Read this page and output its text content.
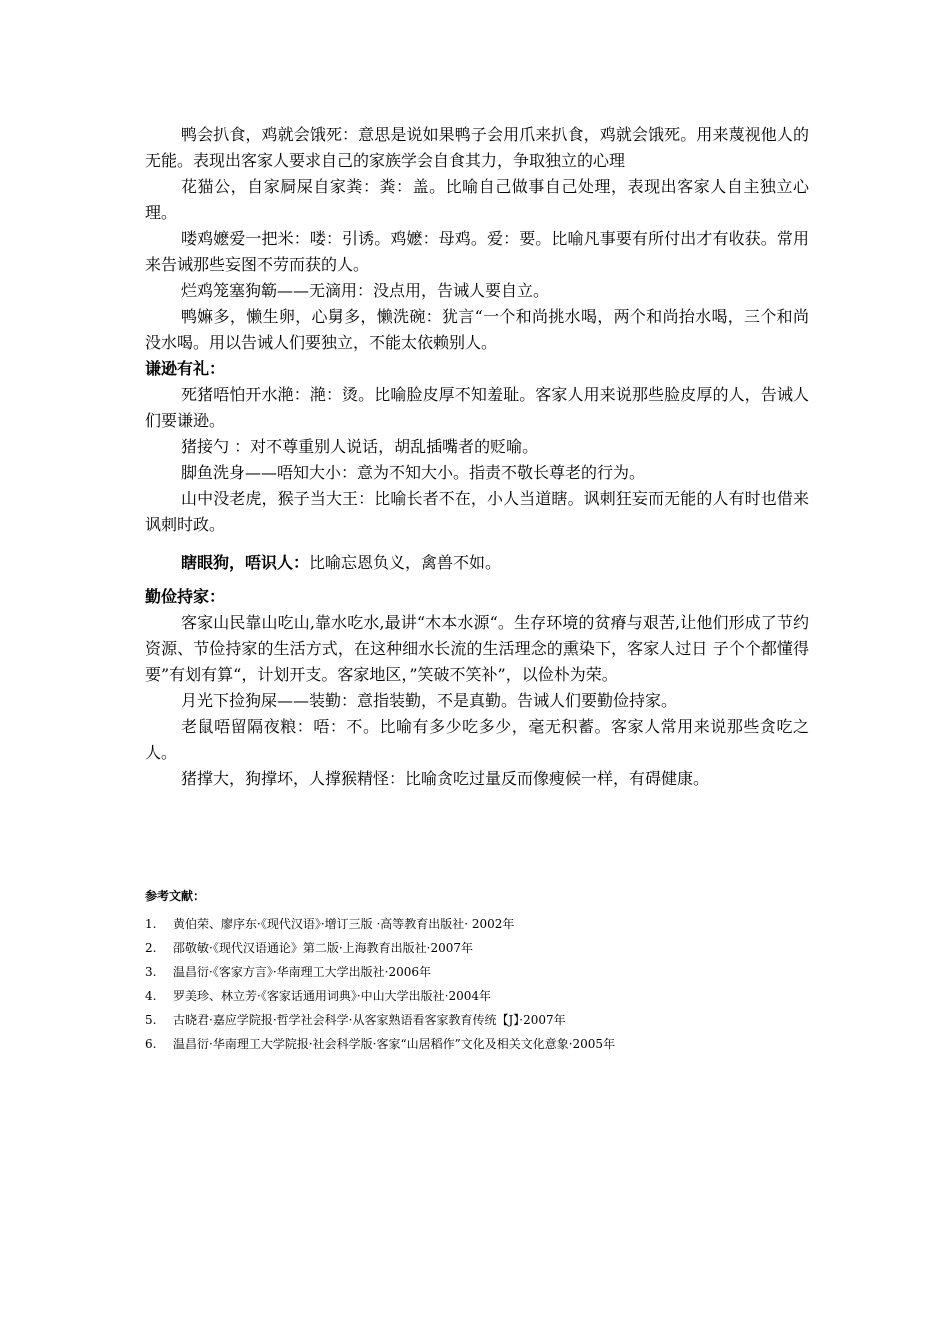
鸭会扒食，鸡就会饿死：意思是说如果鸭子会用爪来扒食，鸡就会饿死。用来蔑视他人的无能。表现出客家人要求自己的家族学会自食其力，争取独立的心理

花猫公，自家屙屎自家粪：粪：盖。比喻自己做事自己处理，表现出客家人自主独立心理。

喽鸡嬷爱一把米：喽：引诱。鸡嬷：母鸡。爱：要。比喻凡事要有所付出才有收获。常用来告诫那些妄图不劳而获的人。

烂鸡笼塞狗簕——无滴用：没点用，告诫人要自立。

鸭嫲多，懒生卵，心舅多，懒洗碗：犹言“一个和尚挑水喝，两个和尚抬水喝，三个和尚没水喝。用以告诫人们要独立，不能太依赖别人。

谦逊有礼：

死猪唔怕开水滟：滟：烫。比喻脸皮厚不知羞耻。客家人用来说那些脸皮厚的人，告诫人们要谦逊。

猪接勺 ：对不尊重别人说话，胡乱插嘴者的贬喻。

脚鱼洗身——唔知大小：意为不知大小。指责不敬长尊老的行为。

山中没老虎，猴子当大王：比喻长者不在，小人当道瞎。讽刺狂妄而无能的人有时也借来讽刺时政。

瞎眼狗，唔识人：比喻忘恩负义，禽兽不如。

勤俭持家：

客家山民靠山吃山,靠水吃水,最讲“木本水源“。生存环境的贫瘠与艰苦,让他们形成了节约资源、节俭持家的生活方式，在这种细水长流的生活理念的熏染下，客家人过日 子个个都懂得要”有划有算“，计划开支。客家地区，”笑破不笑补”，以俭朴为荣。

月光下捡狗屎——装勤：意指装勤，不是真勤。告诫人们要勤俭持家。

老鼠唔留隔夜粮：唔：不。比喻有多少吃多少，毫无积蓄。客家人常用来说那些贪吃之人。

猪撑大，狗撑坏，人撑猴精怪：比喻贪吃过量反而像瘦候一样，有碍健康。

参考文献：
1.	黄伯荣、廖序东·《现代汉语》·增订三版 ·高等教育出版社· 2002年
2.	邵敬敏·《现代汉语通论》第二版·上海教育出版社·2007年
3.	温昌衍·《客家方言》·华南理工大学出版社·2006年
4.	罗美珍、林立芳·《客家话通用词典》·中山大学出版社·2004年
5.	古晓君·嘉应学院报·哲学社会科学·从客家熟语看客家教育传统【J】·2007年
6.	温昌衍·华南理工大学院报·社会科学版·客家“山居稻作”文化及相关文化意象·2005年
